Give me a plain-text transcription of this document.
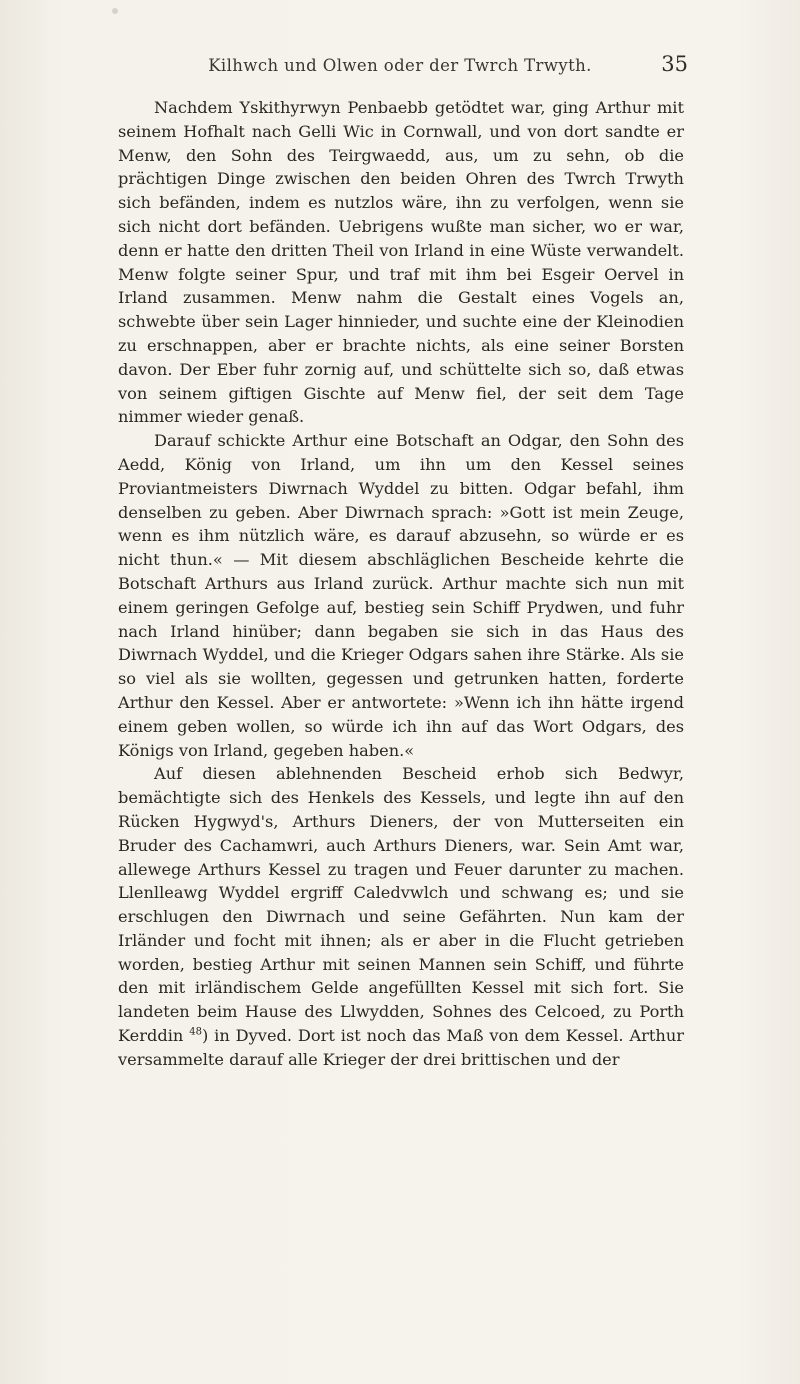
Kilhwch und Olwen oder der Twrch Trwyth.	35

Nachdem Yskithyrwyn Penbaebb getödtet war, ging Arthur mit seinem Hofhalt nach Gelli Wic in Cornwall, und von dort sandte er Menw, den Sohn des Teirgwaedd, aus, um zu sehn, ob die prächtigen Dinge zwischen den beiden Ohren des Twrch Trwyth sich befänden, indem es nutzlos wäre, ihn zu verfolgen, wenn sie sich nicht dort befänden. Uebrigens wußte man sicher, wo er war, denn er hatte den dritten Theil von Irland in eine Wüste verwandelt. Menw folgte seiner Spur, und traf mit ihm bei Esgeir Oervel in Irland zusammen. Menw nahm die Gestalt eines Vogels an, schwebte über sein Lager hinnieder, und suchte eine der Kleinodien zu erschnappen, aber er brachte nichts, als eine seiner Borsten davon. Der Eber fuhr zornig auf, und schüttelte sich so, daß etwas von seinem giftigen Gischte auf Menw fiel, der seit dem Tage nimmer wieder genaß.

Darauf schickte Arthur eine Botschaft an Odgar, den Sohn des Aedd, König von Irland, um ihn um den Kessel seines Proviantmeisters Diwrnach Wyddel zu bitten. Odgar befahl, ihm denselben zu geben. Aber Diwrnach sprach: »Gott ist mein Zeuge, wenn es ihm nützlich wäre, es darauf abzusehn, so würde er es nicht thun.« — Mit diesem abschläglichen Bescheide kehrte die Botschaft Arthurs aus Irland zurück. Arthur machte sich nun mit einem geringen Gefolge auf, bestieg sein Schiff Prydwen, und fuhr nach Irland hinüber; dann begaben sie sich in das Haus des Diwrnach Wyddel, und die Krieger Odgars sahen ihre Stärke. Als sie so viel als sie wollten, gegessen und getrunken hatten, forderte Arthur den Kessel. Aber er antwortete: »Wenn ich ihn hätte irgend einem geben wollen, so würde ich ihn auf das Wort Odgars, des Königs von Irland, gegeben haben.«

Auf diesen ablehnenden Bescheid erhob sich Bedwyr, bemächtigte sich des Henkels des Kessels, und legte ihn auf den Rücken Hygwyd's, Arthurs Dieners, der von Mutterseiten ein Bruder des Cachamwri, auch Arthurs Dieners, war. Sein Amt war, allewege Arthurs Kessel zu tragen und Feuer darunter zu machen. Llenlleawg Wyddel ergriff Caledvwlch und schwang es; und sie erschlugen den Diwrnach und seine Gefährten. Nun kam der Irländer und focht mit ihnen; als er aber in die Flucht getrieben worden, bestieg Arthur mit seinen Mannen sein Schiff, und führte den mit irländischem Gelde angefüllten Kessel mit sich fort. Sie landeten beim Hause des Llwydden, Sohnes des Celcoed, zu Porth Kerddin $^{48}$) in Dyved. Dort ist noch das Maß von dem Kessel. Arthur versammelte darauf alle Krieger der drei brittischen und der
